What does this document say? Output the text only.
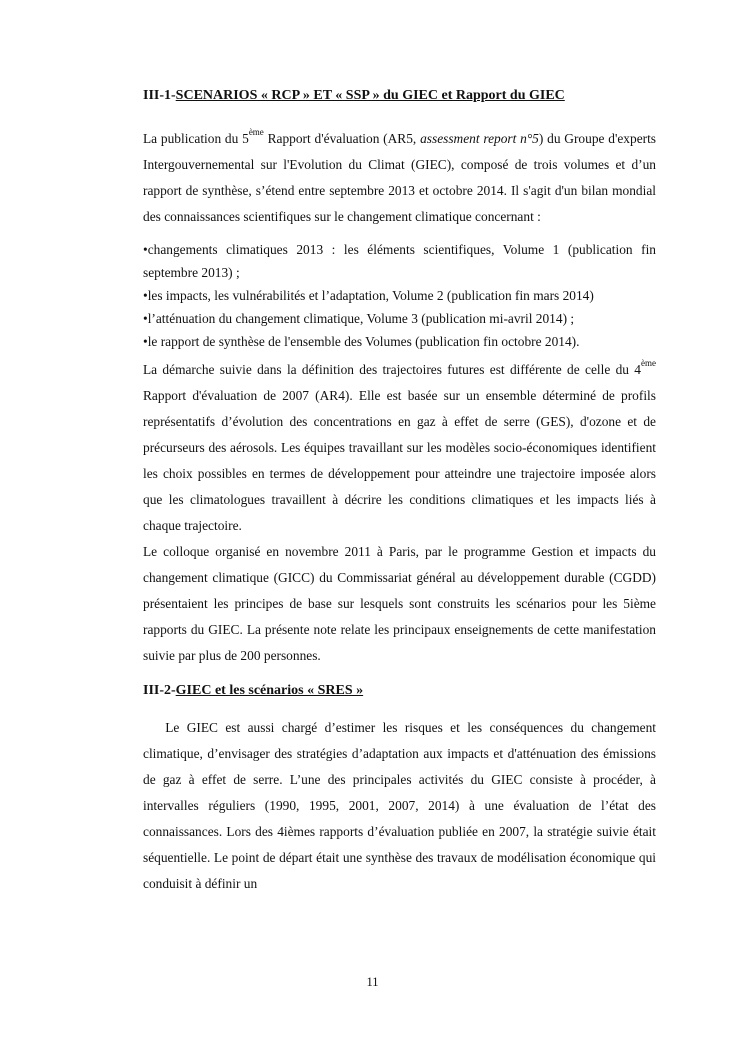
III-1-SCENARIOS « RCP » ET « SSP » du GIEC et Rapport du GIEC

La publication du 5ème Rapport d'évaluation (AR5, assessment report n°5) du Groupe d'experts Intergouvernemental sur l'Evolution du Climat (GIEC), composé de trois volumes et d’un rapport de synthèse, s’étend entre septembre 2013 et octobre 2014. Il s'agit d'un bilan mondial des connaissances scientifiques sur le changement climatique concernant :

•changements climatiques 2013 : les éléments scientifiques, Volume 1 (publication fin septembre 2013) ;

•les impacts, les vulnérabilités et l’adaptation, Volume 2 (publication fin mars 2014)

•l’atténuation du changement climatique, Volume 3 (publication mi-avril 2014) ;

•le rapport de synthèse de l'ensemble des Volumes (publication fin octobre 2014).

La démarche suivie dans la définition des trajectoires futures est différente de celle du 4ème Rapport d'évaluation de 2007 (AR4). Elle est basée sur un ensemble déterminé de profils représentatifs d’évolution des concentrations en gaz à effet de serre (GES), d'ozone et de précurseurs des aérosols. Les équipes travaillant sur les modèles socio-économiques identifient les choix possibles en termes de développement pour atteindre une trajectoire imposée alors que les climatologues travaillent à décrire les conditions climatiques et les impacts liés à chaque trajectoire.

Le colloque organisé en novembre 2011 à Paris, par le programme Gestion et impacts du changement climatique (GICC) du Commissariat général au développement durable (CGDD) présentaient les principes de base sur lesquels sont construits les scénarios pour les 5ième rapports du GIEC. La présente note relate les principaux enseignements de cette manifestation suivie par plus de 200 personnes.

III-2-GIEC et les scénarios « SRES »

Le GIEC est aussi chargé d’estimer les risques et les conséquences du changement climatique, d’envisager des stratégies d’adaptation aux impacts et d'atténuation des émissions de gaz à effet de serre. L’une des principales activités du GIEC consiste à procéder, à intervalles réguliers (1990, 1995, 2001, 2007, 2014) à une évaluation de l’état des connaissances. Lors des 4ièmes rapports d’évaluation publiée en 2007, la stratégie suivie était séquentielle. Le point de départ était une synthèse des travaux de modélisation économique qui conduisit à définir un

11
